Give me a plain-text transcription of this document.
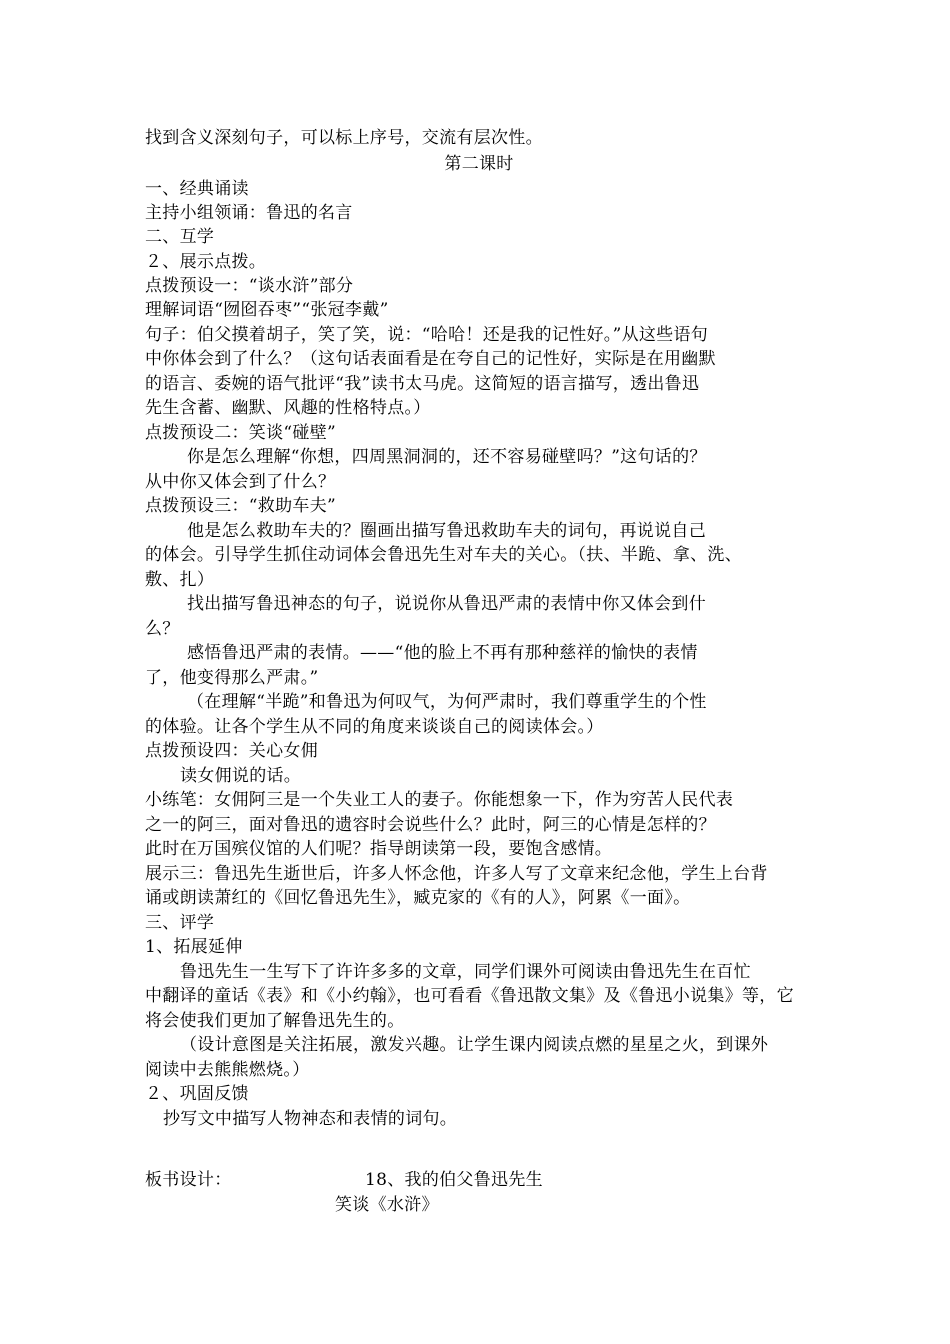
找到含义深刻句子，可以标上序号，交流有层次性。
第二课时
一、经典诵读
主持小组领诵：鲁迅的名言
二、互学
２、展示点拨。
点拨预设一：“谈水浒”部分
理解词语“囫囵吞枣”“张冠李戴”
句子：伯父摸着胡子，笑了笑，说：“哈哈！还是我的记性好。”从这些语句
中你体会到了什么？（这句话表面看是在夸自己的记性好，实际是在用幽默
的语言、委婉的语气批评“我”读书太马虎。这简短的语言描写，透出鲁迅
先生含蓄、幽默、风趣的性格特点。）
点拨预设二：笑谈“碰壁”
你是怎么理解“你想，四周黑洞洞的，还不容易碰壁吗？”这句话的？
从中你又体会到了什么？
点拨预设三：“救助车夫”
他是怎么救助车夫的？圈画出描写鲁迅救助车夫的词句，再说说自己
的体会。引导学生抓住动词体会鲁迅先生对车夫的关心。（扶、半跪、拿、洗、
敷、扎）
找出描写鲁迅神态的句子，说说你从鲁迅严肃的表情中你又体会到什
么？
感悟鲁迅严肃的表情。——“他的脸上不再有那种慈祥的愉快的表情
了，他变得那么严肃。”
（在理解“半跪”和鲁迅为何叹气，为何严肃时，我们尊重学生的个性
的体验。让各个学生从不同的角度来谈谈自己的阅读体会。）
点拨预设四：关心女佣
读女佣说的话。
小练笔：女佣阿三是一个失业工人的妻子。你能想象一下，作为穷苦人民代表
之一的阿三，面对鲁迅的遗容时会说些什么？此时，阿三的心情是怎样的？
此时在万国殡仪馆的人们呢？指导朗读第一段，要饱含感情。
展示三：鲁迅先生逝世后，许多人怀念他，许多人写了文章来纪念他，学生上台背
诵或朗读萧红的《回忆鲁迅先生》，臧克家的《有的人》，阿累《一面》。
三、评学
1、拓展延伸
鲁迅先生一生写下了许许多多的文章，同学们课外可阅读由鲁迅先生在百忙
中翻译的童话《表》和《小约翰》，也可看看《鲁迅散文集》及《鲁迅小说集》等，它
将会使我们更加了解鲁迅先生的。
（设计意图是关注拓展，激发兴趣。让学生课内阅读点燃的星星之火，到课外
阅读中去熊熊燃烧。）
２、巩固反馈
抄写文中描写人物神态和表情的词句。
板书设计：	18、我的伯父鲁迅先生
笑谈《水浒》
